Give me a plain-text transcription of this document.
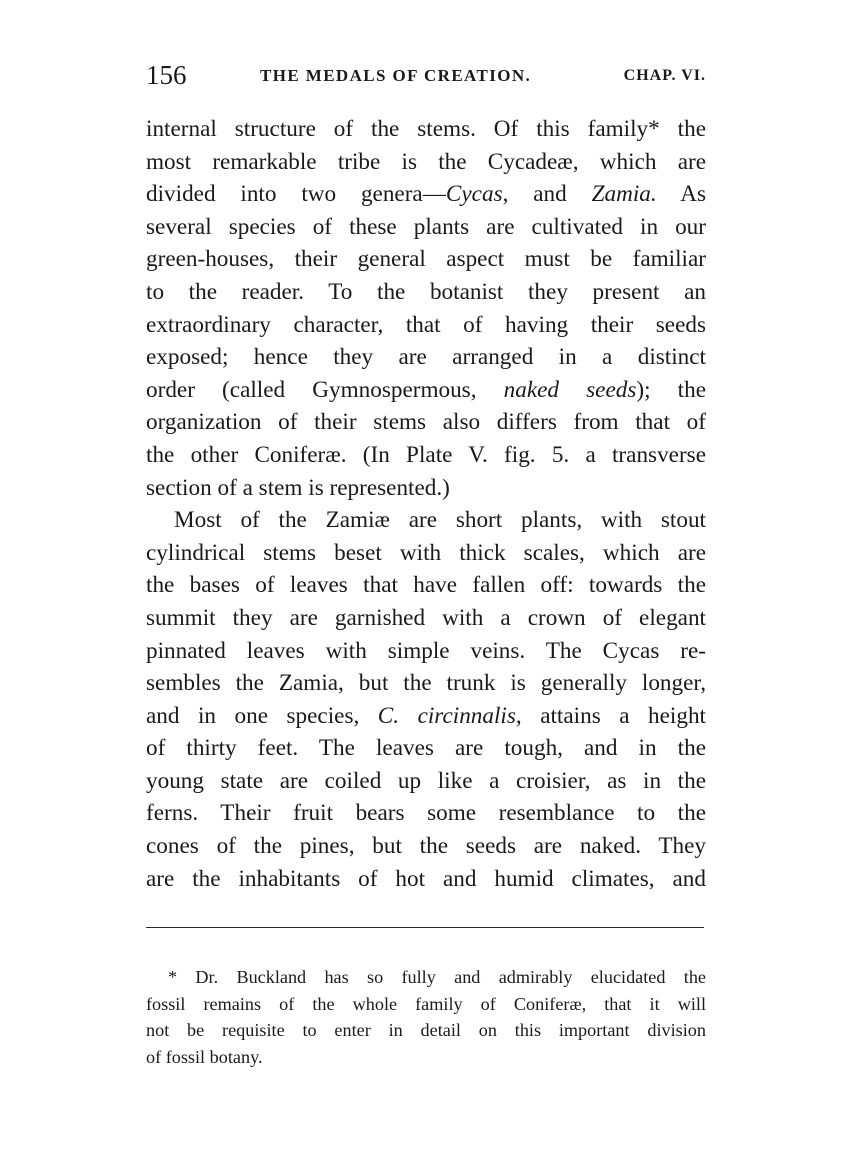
156	THE MEDALS OF CREATION.	CHAP. VI.
internal structure of the stems. Of this family* the
most remarkable tribe is the Cycadeæ, which are
divided into two genera—Cycas, and Zamia. As
several species of these plants are cultivated in our
green-houses, their general aspect must be familiar
to the reader. To the botanist they present an
extraordinary character, that of having their seeds
exposed; hence they are arranged in a distinct
order (called Gymnospermous, naked seeds); the
organization of their stems also differs from that of
the other Coniferæ. (In Plate V. fig. 5. a transverse
section of a stem is represented.)
Most of the Zamiæ are short plants, with stout
cylindrical stems beset with thick scales, which are
the bases of leaves that have fallen off: towards the
summit they are garnished with a crown of elegant
pinnated leaves with simple veins. The Cycas re-
sembles the Zamia, but the trunk is generally longer,
and in one species, C. circinnalis, attains a height
of thirty feet. The leaves are tough, and in the
young state are coiled up like a croisier, as in the
ferns. Their fruit bears some resemblance to the
cones of the pines, but the seeds are naked. They
are the inhabitants of hot and humid climates, and
* Dr. Buckland has so fully and admirably elucidated the
fossil remains of the whole family of Coniferæ, that it will
not be requisite to enter in detail on this important division
of fossil botany.
